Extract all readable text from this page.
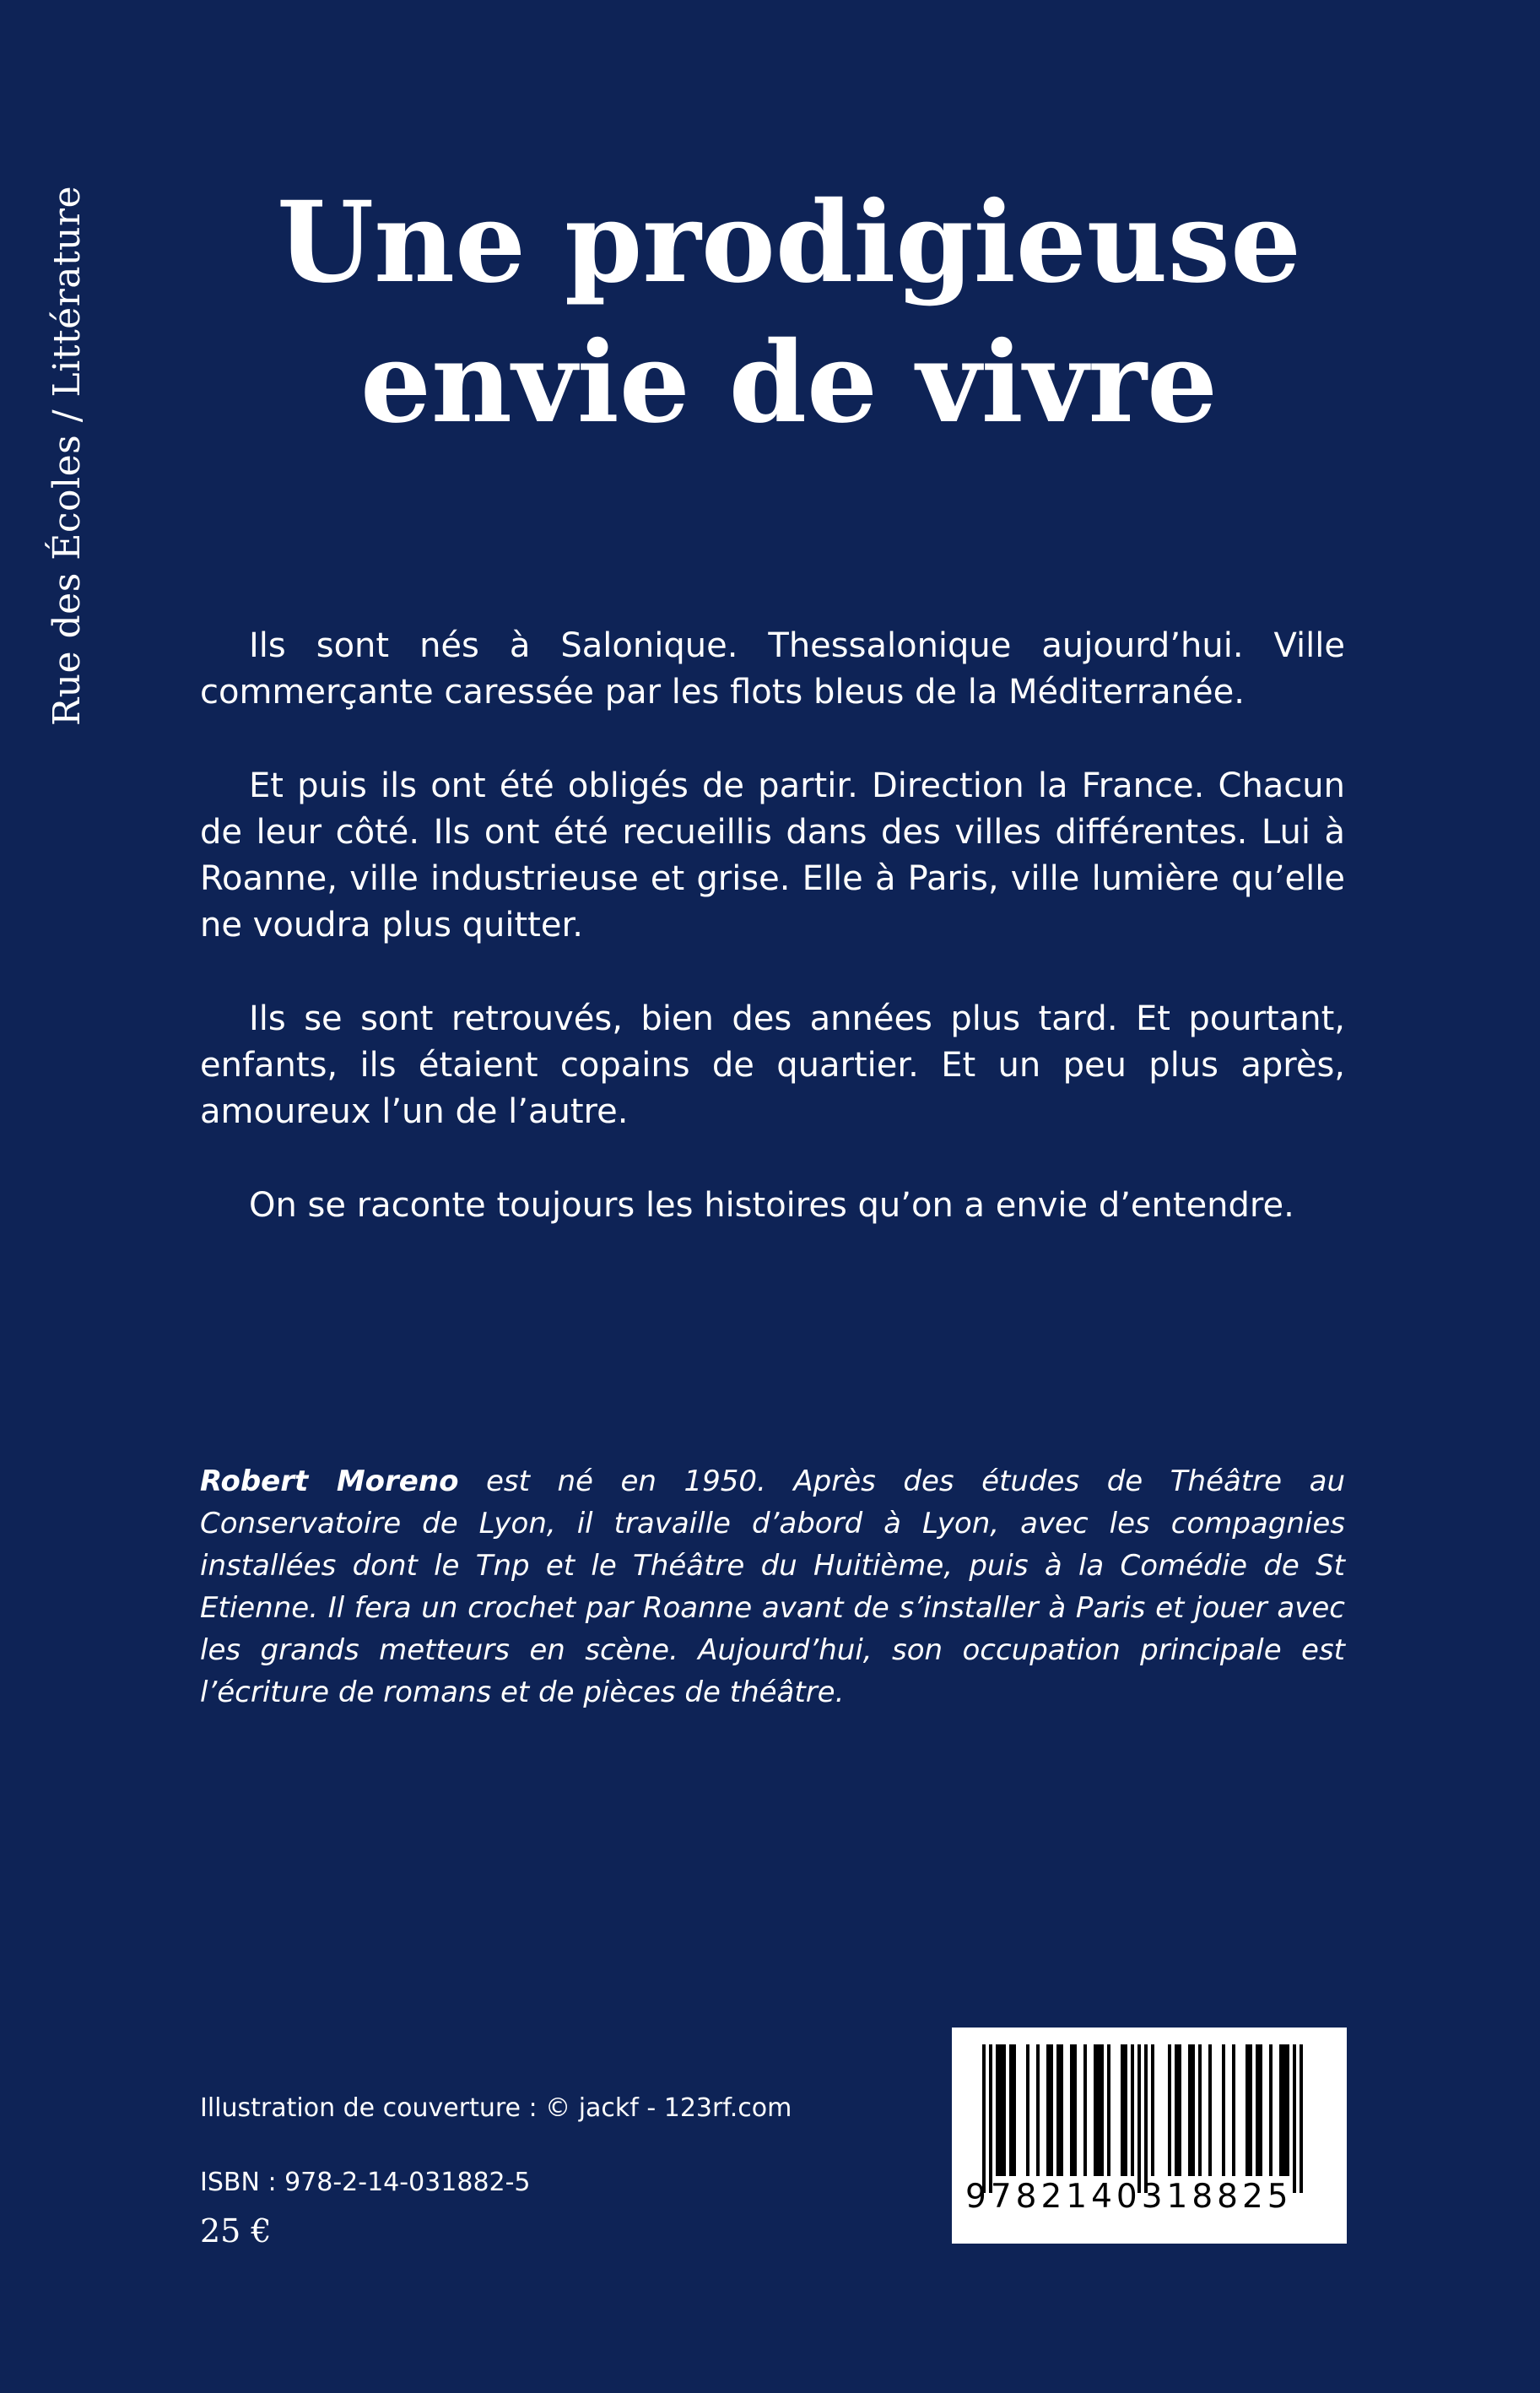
Rue des Écoles / Littérature	Une prodigieuse
envie de vivre

Ils sont nés à Salonique. Thessalonique aujourd’hui. Ville commerçante caressée par les flots bleus de la Méditerranée.

Et puis ils ont été obligés de partir. Direction la France. Chacun de leur côté. Ils ont été recueillis dans des villes différentes. Lui à Roanne, ville industrieuse et grise. Elle à Paris, ville lumière qu’elle ne voudra plus quitter.

Ils se sont retrouvés, bien des années plus tard. Et pourtant, enfants, ils étaient copains de quartier. Et un peu plus après, amoureux l’un de l’autre.

On se raconte toujours les histoires qu’on a envie d’entendre.

Robert Moreno est né en 1950. Après des études de Théâtre au Conservatoire de Lyon, il travaille d’abord à Lyon, avec les compagnies installées dont le Tnp et le Théâtre du Huitième, puis à la Comédie de St Etienne. Il fera un crochet par Roanne avant de s’installer à Paris et jouer avec les grands metteurs en scène. Aujourd’hui, son occupation principale est l’écriture de romans et de pièces de théâtre.

Illustration de couverture : © jackf - 123rf.com
ISBN : 978-2-14-031882-5
25 €
9782140318825
